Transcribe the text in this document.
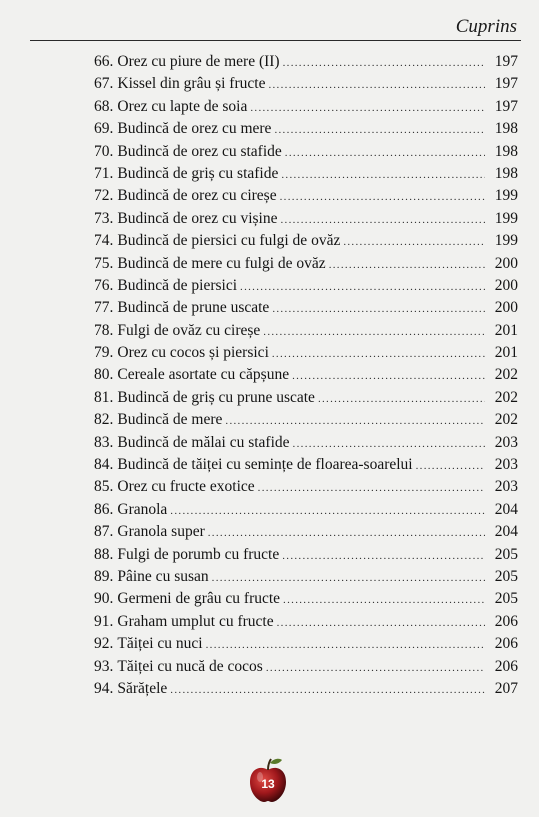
Cuprins
66. Orez cu piure de mere (II) .....	197
67. Kissel din grâu și fructe .....	197
68. Orez cu lapte de soia .....	197
69. Budincă de orez cu mere .....	198
70. Budincă de orez cu stafide .....	198
71. Budincă de griș cu stafide .....	198
72. Budincă de orez cu cireșe .....	199
73. Budincă de orez cu vișine .....	199
74. Budincă de piersici cu fulgi de ovăz .....	199
75. Budincă de mere cu fulgi de ovăz .....	200
76. Budincă de piersici .....	200
77. Budincă de prune uscate .....	200
78. Fulgi de ovăz cu cireșe .....	201
79. Orez cu cocos și piersici .....	201
80. Cereale asortate cu căpșune .....	202
81. Budincă de griș cu prune uscate .....	202
82. Budincă de mere .....	202
83. Budincă de mălai cu stafide .....	203
84. Budincă de tăiței cu semințe de floarea-soarelui .....	203
85. Orez cu fructe exotice .....	203
86. Granola .....	204
87. Granola super .....	204
88. Fulgi de porumb cu fructe .....	205
89. Pâine cu susan .....	205
90. Germeni de grâu cu fructe .....	205
91. Graham umplut cu fructe .....	206
92. Tăiței cu nuci .....	206
93. Tăiței cu nucă de cocos .....	206
94. Sărățele .....	207
13
